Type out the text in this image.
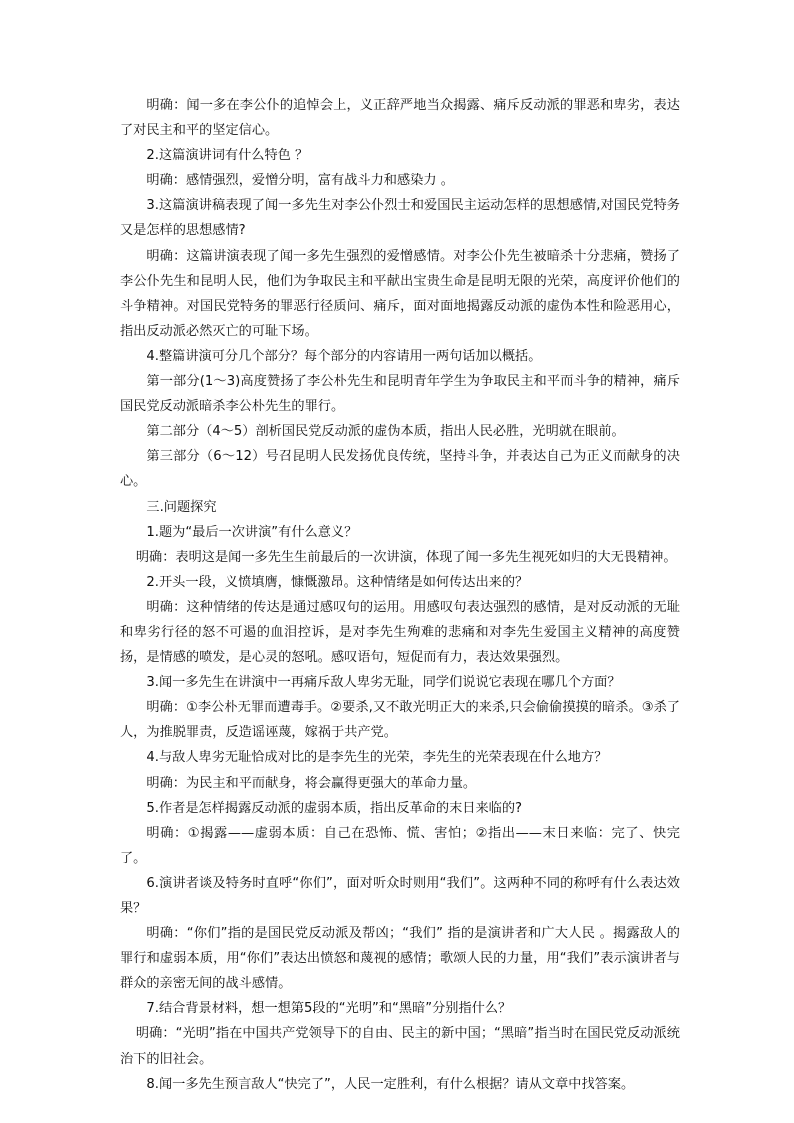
明确：闻一多在李公仆的追悼会上，义正辞严地当众揭露、痛斥反动派的罪恶和卑劣，表达了对民主和平的坚定信心。

2.这篇演讲词有什么特色 ？

明确：感情强烈，爱憎分明，富有战斗力和感染力 。

3.这篇演讲稿表现了闻一多先生对李公仆烈士和爱国民主运动怎样的思想感情,对国民党特务又是怎样的思想感情?

明确：这篇讲演表现了闻一多先生强烈的爱憎感情。对李公仆先生被暗杀十分悲痛，赞扬了李公仆先生和昆明人民，他们为争取民主和平献出宝贵生命是昆明无限的光荣，高度评价他们的斗争精神。对国民党特务的罪恶行径质问、痛斥，面对面地揭露反动派的虚伪本性和险恶用心，指出反动派必然灭亡的可耻下场。

4.整篇讲演可分几个部分？每个部分的内容请用一两句话加以概括。

第一部分(1～3)高度赞扬了李公朴先生和昆明青年学生为争取民主和平而斗争的精神，痛斥国民党反动派暗杀李公朴先生的罪行。

第二部分（4～5）剖析国民党反动派的虚伪本质，指出人民必胜，光明就在眼前。

第三部分（6～12）号召昆明人民发扬优良传统，坚持斗争，并表达自己为正义而献身的决心。

三.问题探究

1.题为“最后一次讲演”有什么意义？

明确：表明这是闻一多先生生前最后的一次讲演，体现了闻一多先生视死如归的大无畏精神。

2.开头一段，义愤填膺，慷慨激昂。这种情绪是如何传达出来的？

明确：这种情绪的传达是通过感叹句的运用。用感叹句表达强烈的感情，是对反动派的无耻和卑劣行径的怒不可遏的血泪控诉，是对李先生殉难的悲痛和对李先生爱国主义精神的高度赞扬，是情感的喷发，是心灵的怒吼。感叹语句，短促而有力，表达效果强烈。

3.闻一多先生在讲演中一再痛斥敌人卑劣无耻，同学们说说它表现在哪几个方面？

明确：①李公朴无罪而遭毒手。②要杀,又不敢光明正大的来杀,只会偷偷摸摸的暗杀。③杀了人，为推脱罪责，反造谣诬蔑，嫁祸于共产党。

4.与敌人卑劣无耻恰成对比的是李先生的光荣，李先生的光荣表现在什么地方？

明确：为民主和平而献身，将会赢得更强大的革命力量。

5.作者是怎样揭露反动派的虚弱本质，指出反革命的末日来临的?

明确：①揭露——虚弱本质：自己在恐怖、慌、害怕；②指出——末日来临：完了、快完了。

6.演讲者谈及特务时直呼“你们”，面对听众时则用“我们”。这两种不同的称呼有什么表达效果？

明确：“你们”指的是国民党反动派及帮凶；“我们” 指的是演讲者和广大人民 。揭露敌人的罪行和虚弱本质，用“你们”表达出愤怒和蔑视的感情；歌颂人民的力量，用“我们”表示演讲者与群众的亲密无间的战斗感情。

7.结合背景材料，想一想第5段的“光明”和“黑暗”分别指什么？

明确：“光明”指在中国共产党领导下的自由、民主的新中国；“黑暗”指当时在国民党反动派统治下的旧社会。

8.闻一多先生预言敌人“快完了”，人民一定胜利，有什么根据？请从文章中找答案。
